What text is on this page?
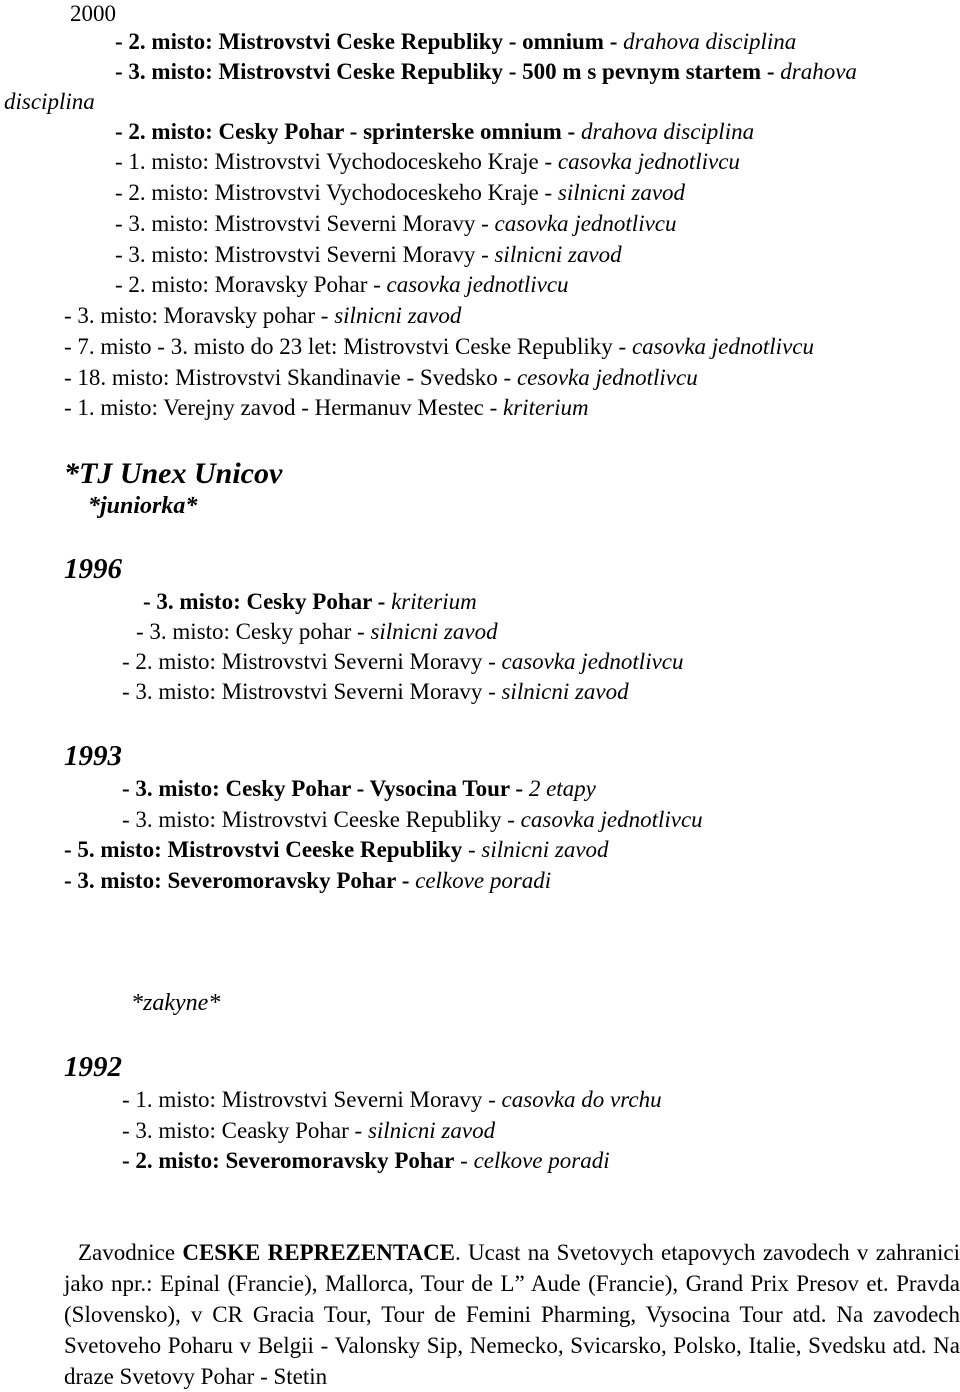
2000
- 2. misto: Mistrovstvi Ceske Republiky - omnium - drahova disciplina
- 3. misto: Mistrovstvi Ceske Republiky - 500 m s pevnym startem - drahova
disciplina
- 2. misto: Cesky Pohar - sprinterske omnium - drahova disciplina
- 1. misto: Mistrovstvi Vychodoceskeho Kraje - casovka jednotlivcu
- 2. misto: Mistrovstvi Vychodoceskeho Kraje - silnicni zavod
- 3. misto: Mistrovstvi Severni Moravy - casovka jednotlivcu
- 3. misto: Mistrovstvi Severni Moravy - silnicni zavod
- 2. misto: Moravsky Pohar - casovka jednotlivcu
- 3. misto: Moravsky pohar - silnicni zavod
- 7. misto - 3. misto do 23 let: Mistrovstvi Ceske Republiky - casovka jednotlivcu
- 18. misto: Mistrovstvi Skandinavie - Svedsko - cesovka jednotlivcu
- 1. misto: Verejny zavod - Hermanuv Mestec - kriterium
*TJ Unex Unicov
*juniorka*
1996
- 3. misto: Cesky Pohar - kriterium
- 3. misto: Cesky pohar - silnicni zavod
- 2. misto: Mistrovstvi Severni Moravy - casovka jednotlivcu
- 3. misto: Mistrovstvi Severni Moravy - silnicni zavod
1993
- 3. misto: Cesky Pohar - Vysocina Tour - 2 etapy
- 3. misto: Mistrovstvi Ceeske Republiky - casovka jednotlivcu
- 5. misto: Mistrovstvi Ceeske Republiky - silnicni zavod
- 3. misto: Severomoravsky Pohar - celkove poradi
*zakyne*
1992
- 1. misto: Mistrovstvi Severni Moravy - casovka do vrchu
- 3. misto: Ceasky Pohar - silnicni zavod
- 2. misto: Severomoravsky Pohar - celkove poradi
Zavodnice CESKE REPREZENTACE. Ucast na Svetovych etapovych zavodech v zahranici jako npr.: Epinal (Francie), Mallorca, Tour de L” Aude (Francie), Grand Prix Presov et. Pravda (Slovensko), v CR Gracia Tour, Tour de Femini Pharming, Vysocina Tour atd. Na zavodech Svetoveho Poharu v Belgii - Valonsky Sip, Nemecko, Svicarsko, Polsko, Italie, Svedsku atd. Na draze Svetovy Pohar - Stetin
